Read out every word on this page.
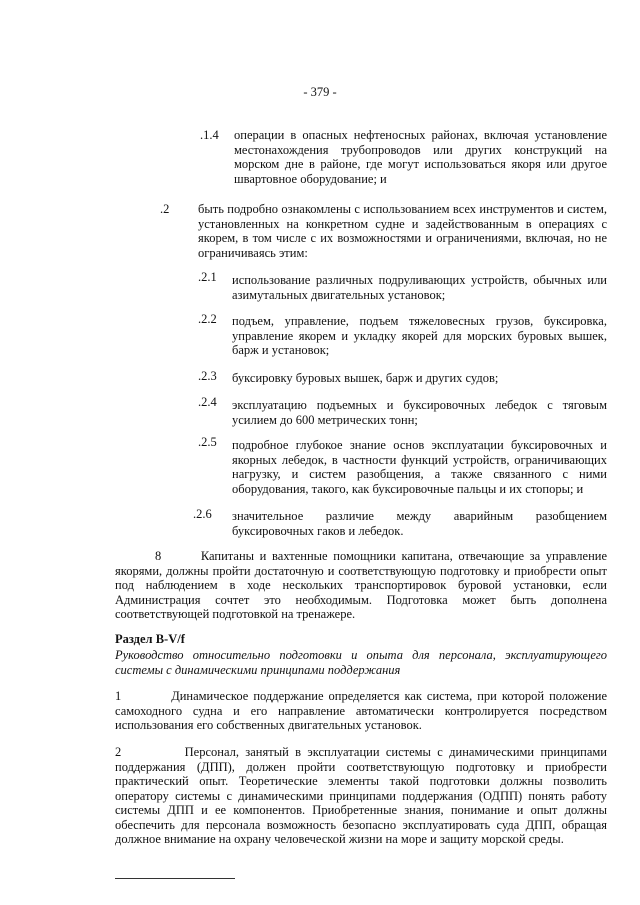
- 379 -
.1.4 операции в опасных нефтеносных районах, включая установление местонахождения трубопроводов или других конструкций на морском дне в районе, где могут использоваться якоря или другое швартовное оборудование; и
.2 быть подробно ознакомлены с использованием всех инструментов и систем, установленных на конкретном судне и задействованным в операциях с якорем, в том числе с их возможностями и ограничениями, включая, но не ограничиваясь этим:
.2.1 использование различных подруливающих устройств, обычных или азимутальных двигательных установок;
.2.2 подъем, управление, подъем тяжеловесных грузов, буксировка, управление якорем и укладку якорей для морских буровых вышек, барж и установок;
.2.3 буксировку буровых вышек, барж и других судов;
.2.4 эксплуатацию подъемных и буксировочных лебедок с тяговым усилием до 600 метрических тонн;
.2.5 подробное глубокое знание основ эксплуатации буксировочных и якорных лебедок, в частности функций устройств, ограничивающих нагрузку, и систем разобщения, а также связанного с ними оборудования, такого, как буксировочные пальцы и их стопоры; и
.2.6 значительное различие между аварийным разобщением буксировочных гаков и лебедок.
8	Капитаны и вахтенные помощники капитана, отвечающие за управление якорями, должны пройти достаточную и соответствующую подготовку и приобрести опыт под наблюдением в ходе нескольких транспортировок буровой установки, если Администрация сочтет это необходимым. Подготовка может быть дополнена соответствующей подготовкой на тренажере.
Раздел B-V/f
Руководство относительно подготовки и опыта для персонала, эксплуатирующего системы с динамическими принципами поддержания
1	Динамическое поддержание определяется как система, при которой положение самоходного судна и его направление автоматически контролируется посредством использования его собственных двигательных установок.
2	Персонал, занятый в эксплуатации системы с динамическими принципами поддержания (ДПП), должен пройти соответствующую подготовку и приобрести практический опыт. Теоретические элементы такой подготовки должны позволить оператору системы с динамическими принципами поддержания (ОДПП) понять работу системы ДПП и ее компонентов. Приобретенные знания, понимание и опыт должны обеспечить для персонала возможность безопасно эксплуатировать суда ДПП, обращая должное внимание на охрану человеческой жизни на море и защиту морской среды.
